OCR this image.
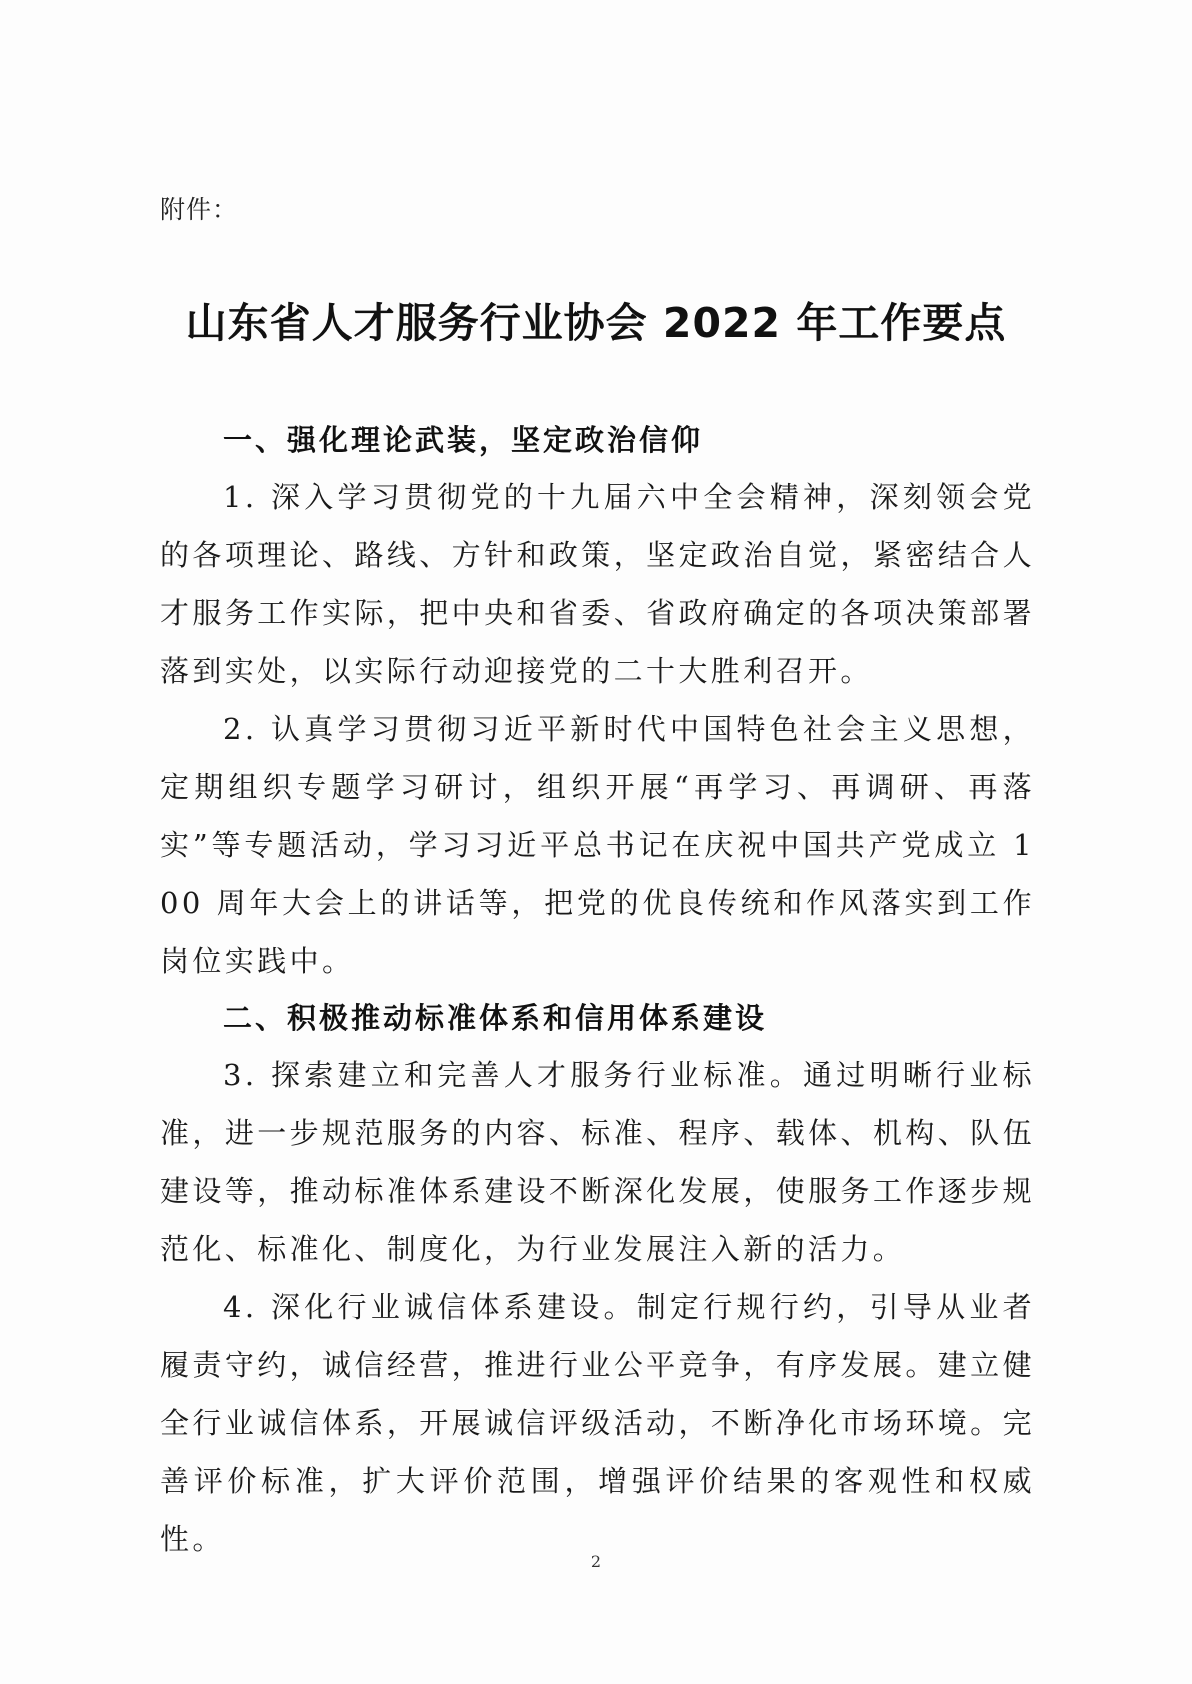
附件：
山东省人才服务行业协会 2022 年工作要点
一、强化理论武装，坚定政治信仰

1. 深入学习贯彻党的十九届六中全会精神，深刻领会党的各项理论、路线、方针和政策，坚定政治自觉，紧密结合人才服务工作实际，把中央和省委、省政府确定的各项决策部署落到实处，以实际行动迎接党的二十大胜利召开。

2. 认真学习贯彻习近平新时代中国特色社会主义思想，定期组织专题学习研讨，组织开展“再学习、再调研、再落实”等专题活动，学习习近平总书记在庆祝中国共产党成立 100 周年大会上的讲话等，把党的优良传统和作风落实到工作岗位实践中。

二、积极推动标准体系和信用体系建设

3. 探索建立和完善人才服务行业标准。通过明晰行业标准，进一步规范服务的内容、标准、程序、载体、机构、队伍建设等，推动标准体系建设不断深化发展，使服务工作逐步规范化、标准化、制度化，为行业发展注入新的活力。

4. 深化行业诚信体系建设。制定行规行约，引导从业者履责守约，诚信经营，推进行业公平竞争，有序发展。建立健全行业诚信体系，开展诚信评级活动，不断净化市场环境。完善评价标准，扩大评价范围，增强评价结果的客观性和权威性。

2
